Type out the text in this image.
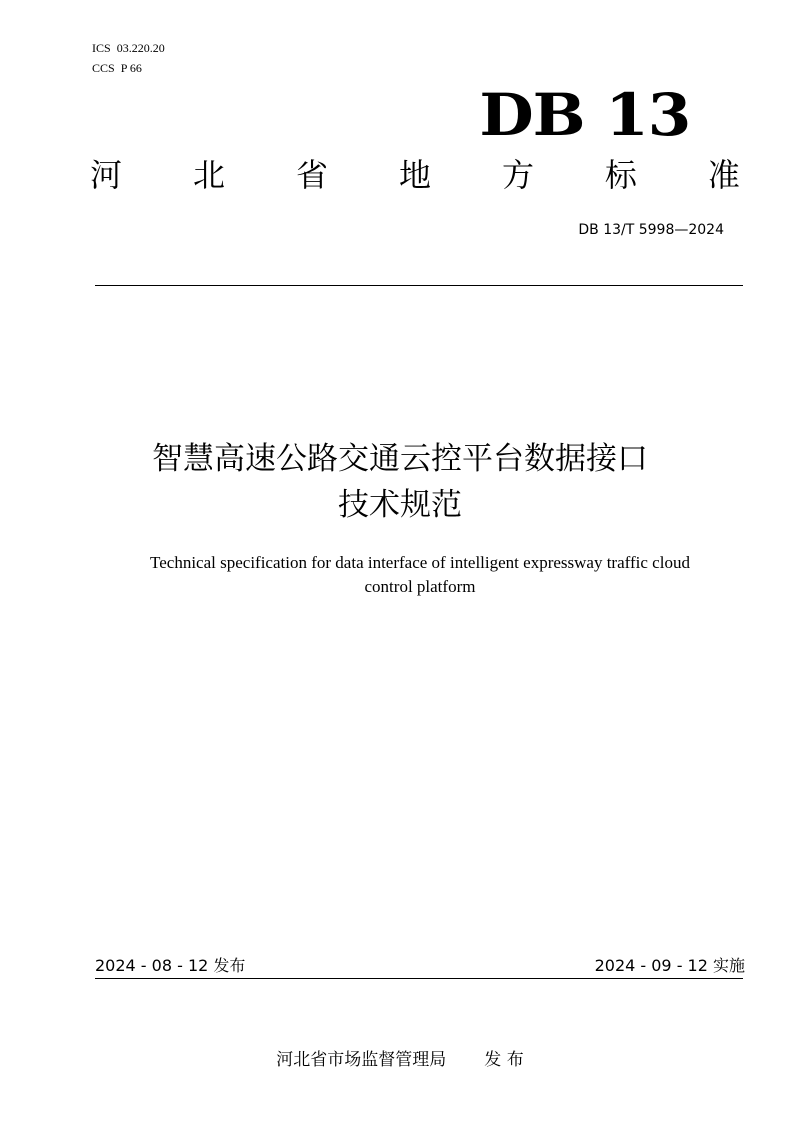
ICS 03.220.20
CCS P 66
DB 13
河 北 省 地 方 标 准
DB 13/T 5998—2024
智慧高速公路交通云控平台数据接口
技术规范
Technical specification for data interface of intelligent expressway traffic cloud
control platform
2024 - 08 - 12 发布	2024 - 09 - 12 实施
河北省市场监督管理局 发 布
